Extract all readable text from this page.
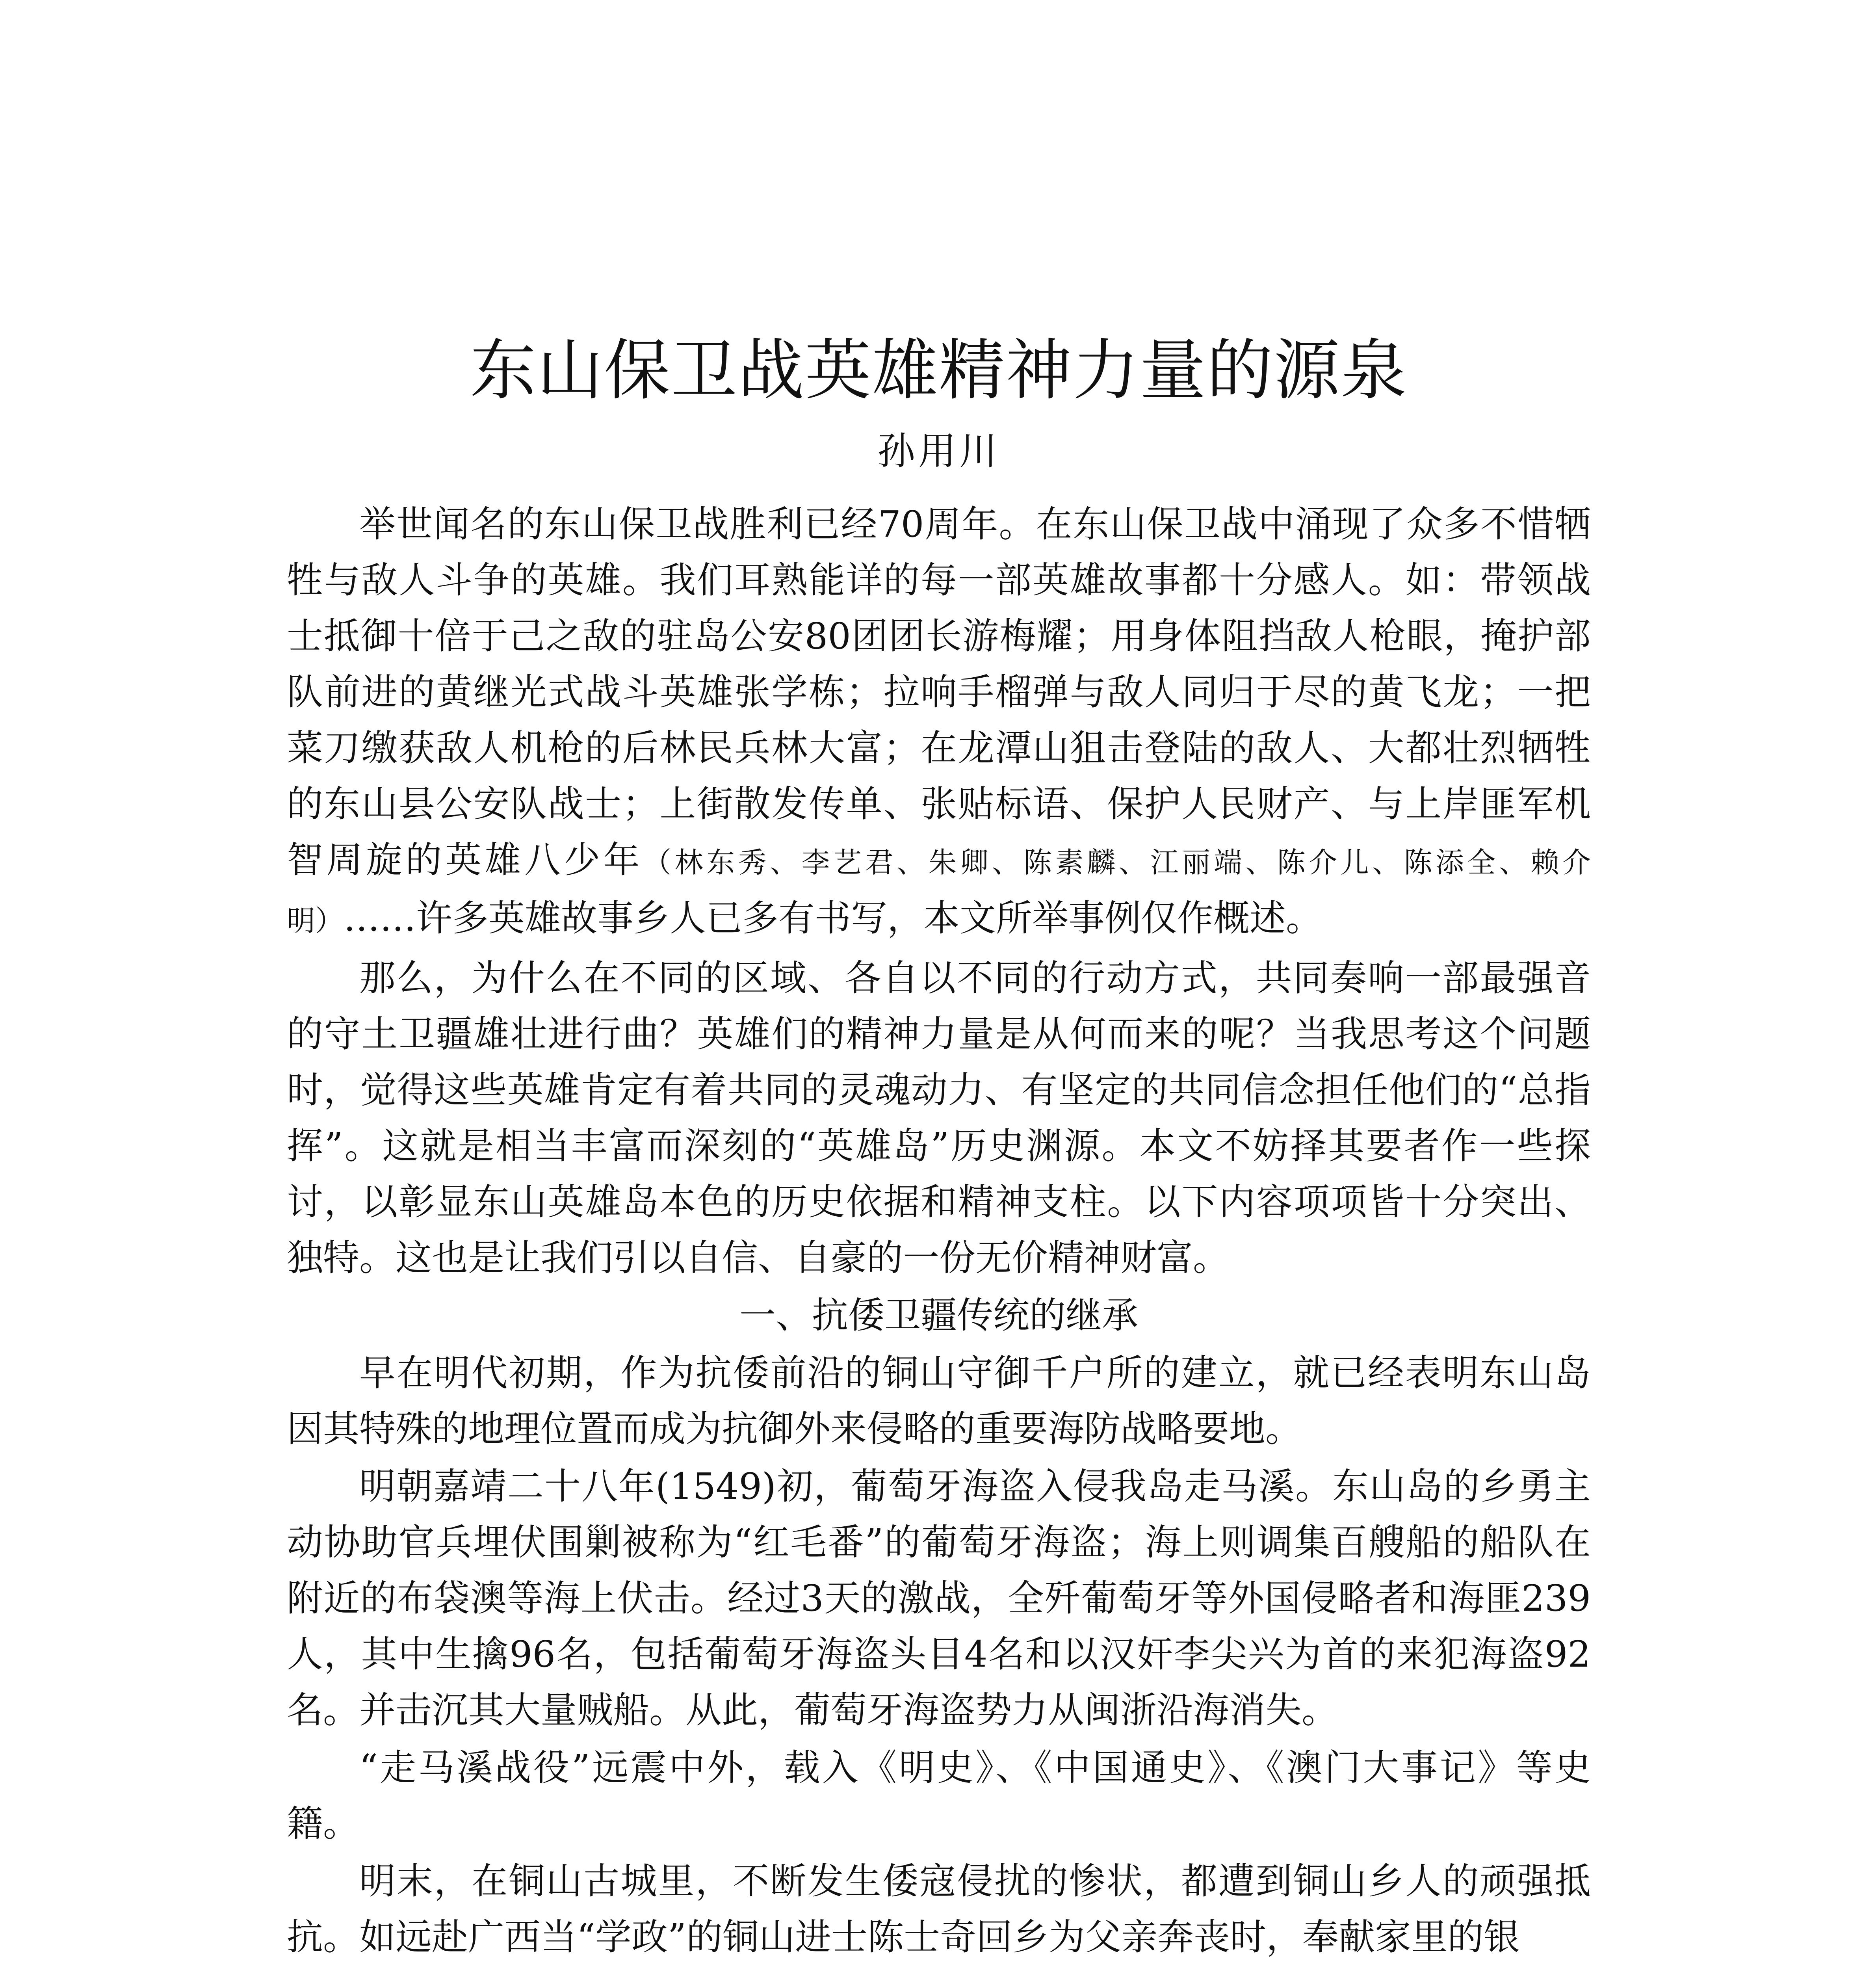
东山保卫战英雄精神力量的源泉
孙用川

举世闻名的东山保卫战胜利已经70周年。在东山保卫战中涌现了众多不惜牺牲与敌人斗争的英雄。我们耳熟能详的每一部英雄故事都十分感人。如：带领战士抵御十倍于己之敌的驻岛公安80团团长游梅耀；用身体阻挡敌人枪眼，掩护部队前进的黄继光式战斗英雄张学栋；拉响手榴弹与敌人同归于尽的黄飞龙；一把菜刀缴获敌人机枪的后林民兵林大富；在龙潭山狙击登陆的敌人、大都壮烈牺牲的东山县公安队战士；上街散发传单、张贴标语、保护人民财产、与上岸匪军机智周旋的英雄八少年（林东秀、李艺君、朱卿、陈素麟、江丽端、陈介儿、陈添全、赖介明）……许多英雄故事乡人已多有书写，本文所举事例仅作概述。

那么，为什么在不同的区域、各自以不同的行动方式，共同奏响一部最强音的守土卫疆雄壮进行曲？英雄们的精神力量是从何而来的呢？当我思考这个问题时，觉得这些英雄肯定有着共同的灵魂动力、有坚定的共同信念担任他们的“总指挥”。这就是相当丰富而深刻的“英雄岛”历史渊源。本文不妨择其要者作一些探讨，以彰显东山英雄岛本色的历史依据和精神支柱。以下内容项项皆十分突出、独特。这也是让我们引以自信、自豪的一份无价精神财富。

一、抗倭卫疆传统的继承

早在明代初期，作为抗倭前沿的铜山守御千户所的建立，就已经表明东山岛因其特殊的地理位置而成为抗御外来侵略的重要海防战略要地。

明朝嘉靖二十八年(1549)初，葡萄牙海盗入侵我岛走马溪。东山岛的乡勇主动协助官兵埋伏围剿被称为“红毛番”的葡萄牙海盗；海上则调集百艘船的船队在附近的布袋澳等海上伏击。经过3天的激战，全歼葡萄牙等外国侵略者和海匪239人，其中生擒96名，包括葡萄牙海盗头目4名和以汉奸李尖兴为首的来犯海盗92名。并击沉其大量贼船。从此，葡萄牙海盗势力从闽浙沿海消失。

“走马溪战役”远震中外，载入《明史》、《中国通史》、《澳门大事记》等史籍。

明末，在铜山古城里，不断发生倭寇侵扰的惨状，都遭到铜山乡人的顽强抵抗。如远赴广西当“学政”的铜山进士陈士奇回乡为父亲奔丧时，奉献家里的银
